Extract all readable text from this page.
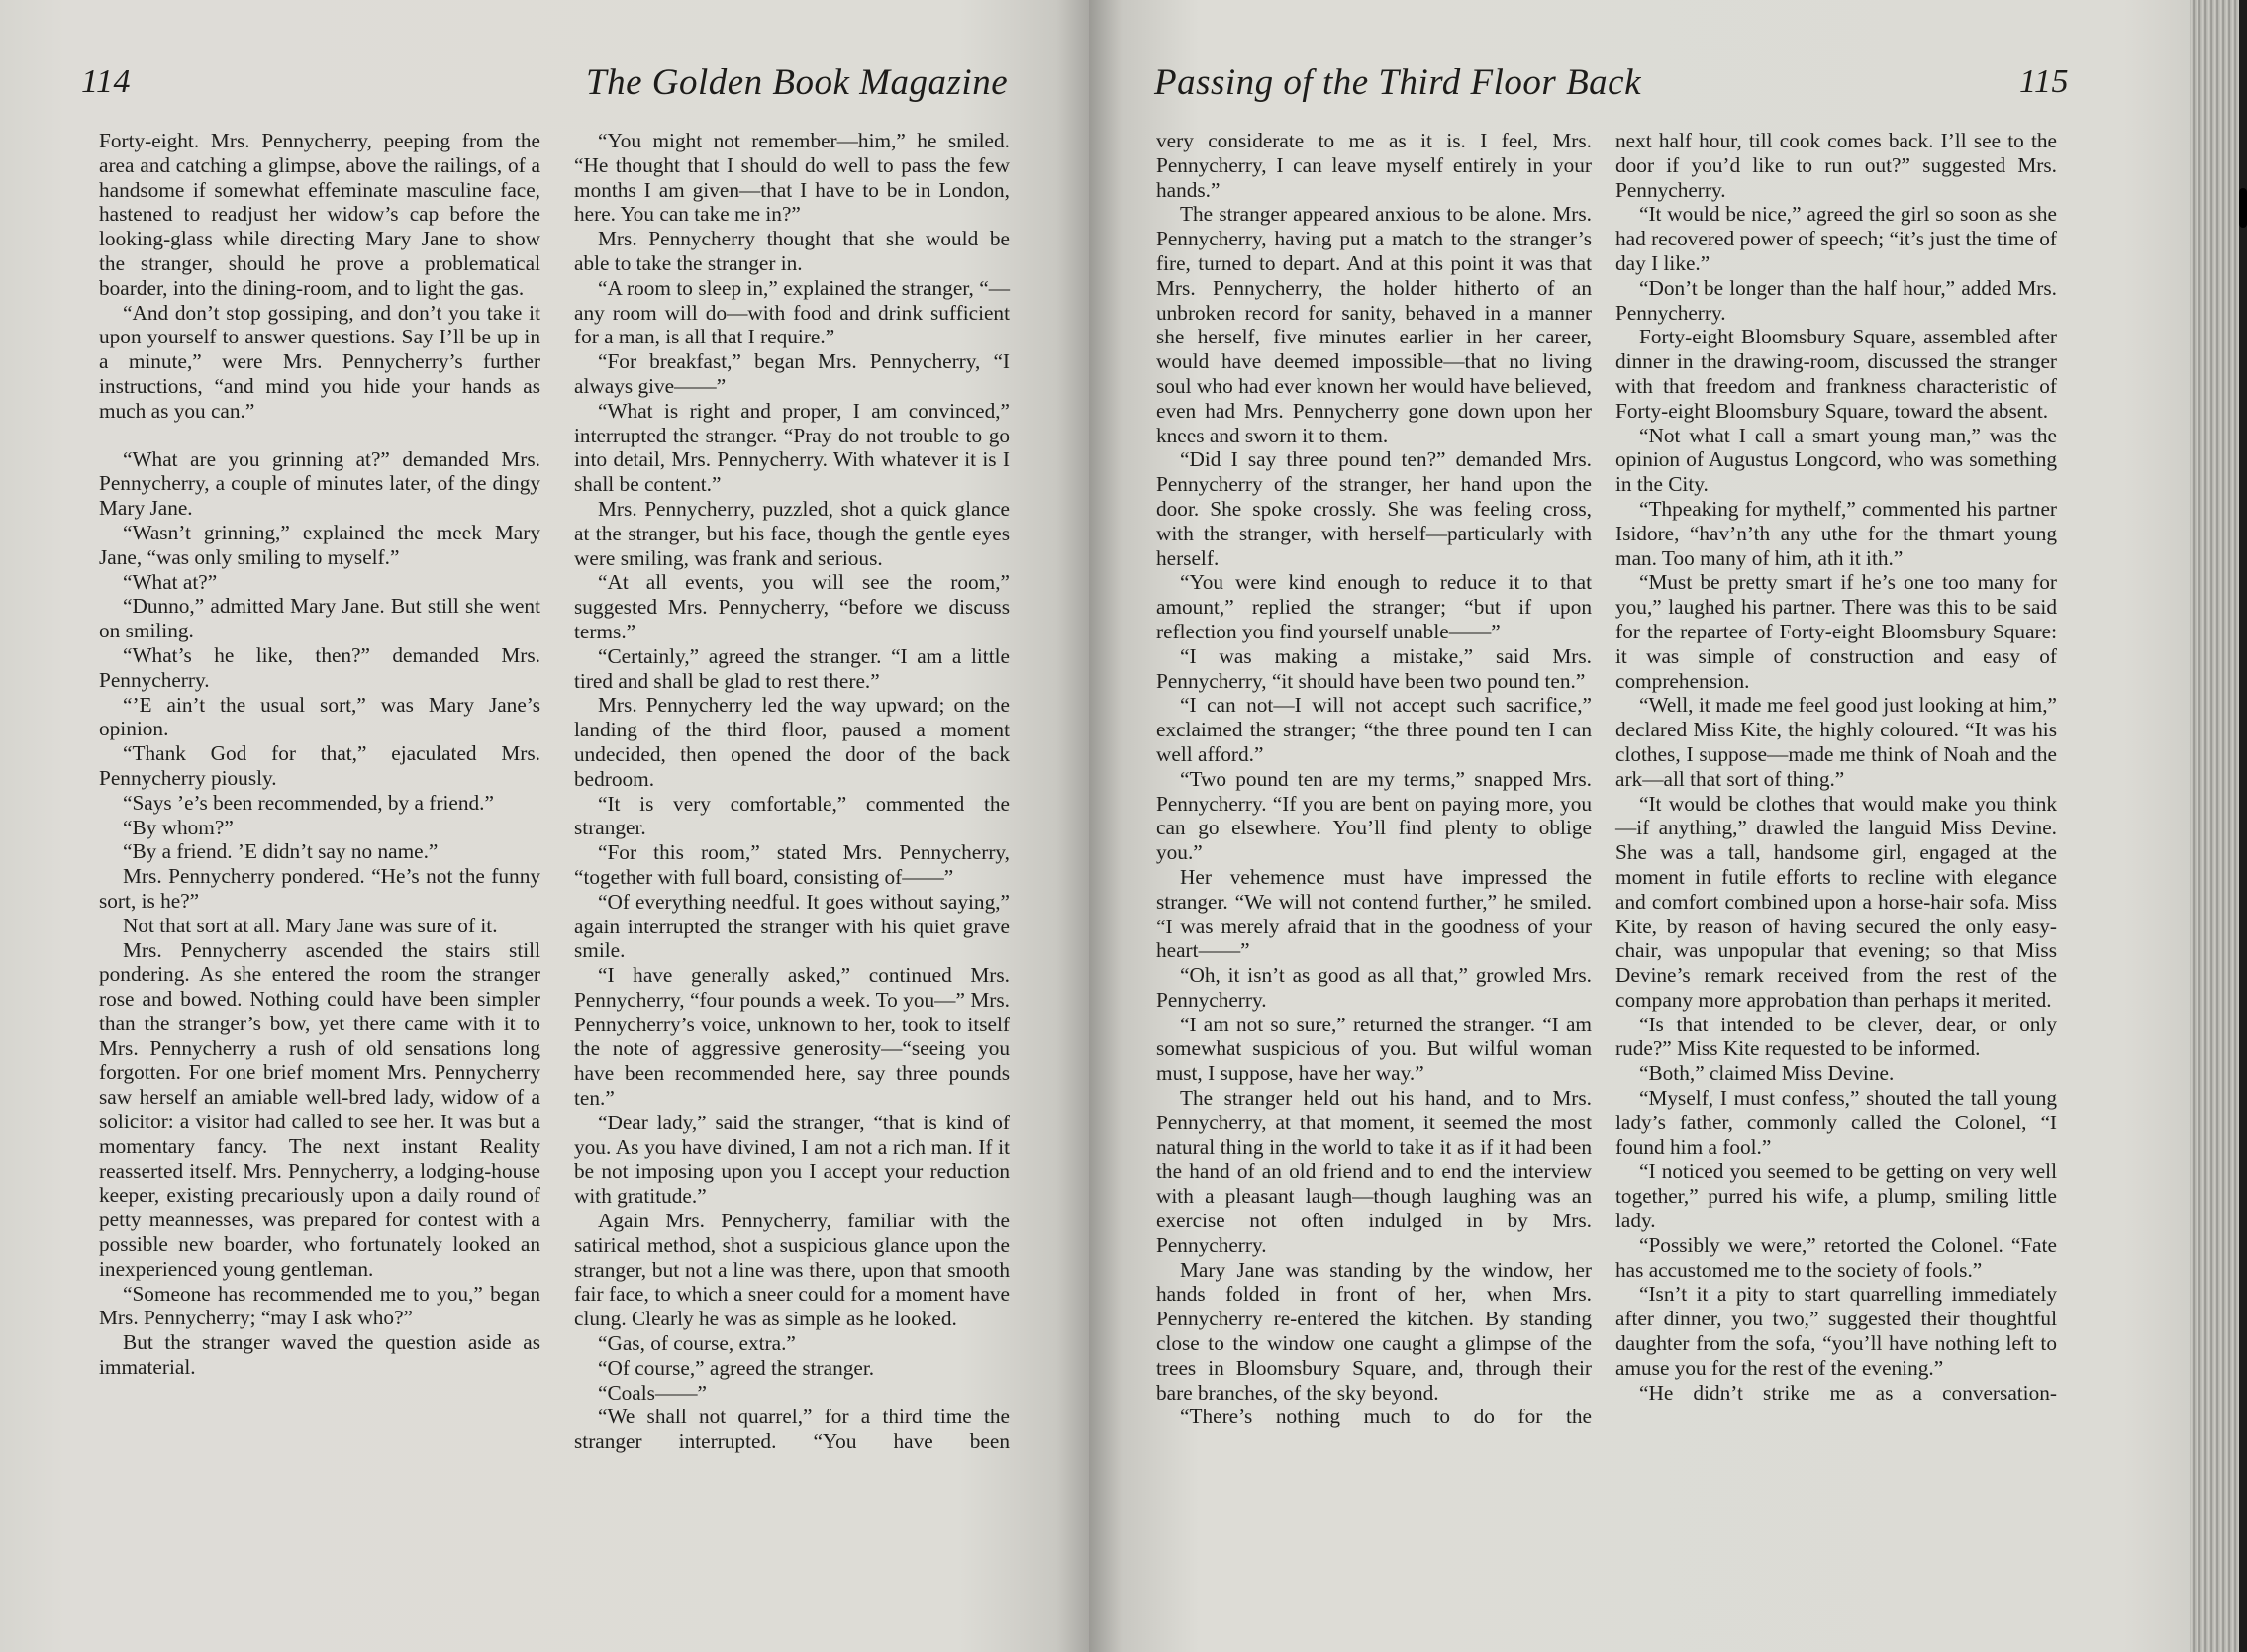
114	The Golden Book Magazine

Forty-eight. Mrs. Pennycherry, peeping from the area and catching a glimpse, above the railings, of a handsome if somewhat effeminate masculine face, hastened to readjust her widow’s cap before the looking-glass while directing Mary Jane to show the stranger, should he prove a problematical boarder, into the dining-room, and to light the gas.

“And don’t stop gossiping, and don’t you take it upon yourself to answer questions. Say I’ll be up in a minute,” were Mrs. Pennycherry’s further instructions, “and mind you hide your hands as much as you can.”

“What are you grinning at?” demanded Mrs. Pennycherry, a couple of minutes later, of the dingy Mary Jane.

“Wasn’t grinning,” explained the meek Mary Jane, “was only smiling to myself.”

“What at?”

“Dunno,” admitted Mary Jane. But still she went on smiling.

“What’s he like, then?” demanded Mrs. Pennycherry.

“’E ain’t the usual sort,” was Mary Jane’s opinion.

“Thank God for that,” ejaculated Mrs. Pennycherry piously.

“Says ’e’s been recommended, by a friend.”

“By whom?”

“By a friend. ’E didn’t say no name.”

Mrs. Pennycherry pondered. “He’s not the funny sort, is he?”

Not that sort at all. Mary Jane was sure of it.

Mrs. Pennycherry ascended the stairs still pondering. As she entered the room the stranger rose and bowed. Nothing could have been simpler than the stranger’s bow, yet there came with it to Mrs. Pennycherry a rush of old sensations long forgotten. For one brief moment Mrs. Pennycherry saw herself an amiable well-bred lady, widow of a solicitor: a visitor had called to see her. It was but a momentary fancy. The next instant Reality reasserted itself. Mrs. Pennycherry, a lodging-house keeper, existing precariously upon a daily round of petty meannesses, was prepared for contest with a possible new boarder, who fortunately looked an inexperienced young gentleman.

“Someone has recommended me to you,” began Mrs. Pennycherry; “may I ask who?”

But the stranger waved the question aside as immaterial.

“You might not remember—him,” he smiled. “He thought that I should do well to pass the few months I am given—that I have to be in London, here. You can take me in?”

Mrs. Pennycherry thought that she would be able to take the stranger in.

“A room to sleep in,” explained the stranger, “—any room will do—with food and drink sufficient for a man, is all that I require.”

“For breakfast,” began Mrs. Pennycherry, “I always give——”

“What is right and proper, I am convinced,” interrupted the stranger. “Pray do not trouble to go into detail, Mrs. Pennycherry. With whatever it is I shall be content.”

Mrs. Pennycherry, puzzled, shot a quick glance at the stranger, but his face, though the gentle eyes were smiling, was frank and serious.

“At all events, you will see the room,” suggested Mrs. Pennycherry, “before we discuss terms.”

“Certainly,” agreed the stranger. “I am a little tired and shall be glad to rest there.”

Mrs. Pennycherry led the way upward; on the landing of the third floor, paused a moment undecided, then opened the door of the back bedroom.

“It is very comfortable,” commented the stranger.

“For this room,” stated Mrs. Pennycherry, “together with full board, consisting of——”

“Of everything needful. It goes without saying,” again interrupted the stranger with his quiet grave smile.

“I have generally asked,” continued Mrs. Pennycherry, “four pounds a week. To you—” Mrs. Pennycherry’s voice, unknown to her, took to itself the note of aggressive generosity—“seeing you have been recommended here, say three pounds ten.”

“Dear lady,” said the stranger, “that is kind of you. As you have divined, I am not a rich man. If it be not imposing upon you I accept your reduction with gratitude.”

Again Mrs. Pennycherry, familiar with the satirical method, shot a suspicious glance upon the stranger, but not a line was there, upon that smooth fair face, to which a sneer could for a moment have clung. Clearly he was as simple as he looked.

“Gas, of course, extra.”

“Of course,” agreed the stranger.

“Coals——”

“We shall not quarrel,” for a third time the stranger interrupted. “You have been

Passing of the Third Floor Back	115

very considerate to me as it is. I feel, Mrs. Pennycherry, I can leave myself entirely in your hands.”

The stranger appeared anxious to be alone. Mrs. Pennycherry, having put a match to the stranger’s fire, turned to depart. And at this point it was that Mrs. Pennycherry, the holder hitherto of an unbroken record for sanity, behaved in a manner she herself, five minutes earlier in her career, would have deemed impossible—that no living soul who had ever known her would have believed, even had Mrs. Pennycherry gone down upon her knees and sworn it to them.

“Did I say three pound ten?” demanded Mrs. Pennycherry of the stranger, her hand upon the door. She spoke crossly. She was feeling cross, with the stranger, with herself—particularly with herself.

“You were kind enough to reduce it to that amount,” replied the stranger; “but if upon reflection you find yourself unable——”

“I was making a mistake,” said Mrs. Pennycherry, “it should have been two pound ten.”

“I can not—I will not accept such sacrifice,” exclaimed the stranger; “the three pound ten I can well afford.”

“Two pound ten are my terms,” snapped Mrs. Pennycherry. “If you are bent on paying more, you can go elsewhere. You’ll find plenty to oblige you.”

Her vehemence must have impressed the stranger. “We will not contend further,” he smiled. “I was merely afraid that in the goodness of your heart——”

“Oh, it isn’t as good as all that,” growled Mrs. Pennycherry.

“I am not so sure,” returned the stranger. “I am somewhat suspicious of you. But wilful woman must, I suppose, have her way.”

The stranger held out his hand, and to Mrs. Pennycherry, at that moment, it seemed the most natural thing in the world to take it as if it had been the hand of an old friend and to end the interview with a pleasant laugh—though laughing was an exercise not often indulged in by Mrs. Pennycherry.

Mary Jane was standing by the window, her hands folded in front of her, when Mrs. Pennycherry re-entered the kitchen. By standing close to the window one caught a glimpse of the trees in Bloomsbury Square, and, through their bare branches, of the sky beyond.

“There’s nothing much to do for the

next half hour, till cook comes back. I’ll see to the door if you’d like to run out?” suggested Mrs. Pennycherry.

“It would be nice,” agreed the girl so soon as she had recovered power of speech; “it’s just the time of day I like.”

“Don’t be longer than the half hour,” added Mrs. Pennycherry.

Forty-eight Bloomsbury Square, assembled after dinner in the drawing-room, discussed the stranger with that freedom and frankness characteristic of Forty-eight Bloomsbury Square, toward the absent.

“Not what I call a smart young man,” was the opinion of Augustus Longcord, who was something in the City.

“Thpeaking for mythelf,” commented his partner Isidore, “hav’n’th any uthe for the thmart young man. Too many of him, ath it ith.”

“Must be pretty smart if he’s one too many for you,” laughed his partner. There was this to be said for the repartee of Forty-eight Bloomsbury Square: it was simple of construction and easy of comprehension.

“Well, it made me feel good just looking at him,” declared Miss Kite, the highly coloured. “It was his clothes, I suppose—made me think of Noah and the ark—all that sort of thing.”

“It would be clothes that would make you think—if anything,” drawled the languid Miss Devine. She was a tall, handsome girl, engaged at the moment in futile efforts to recline with elegance and comfort combined upon a horse-hair sofa. Miss Kite, by reason of having secured the only easy-chair, was unpopular that evening; so that Miss Devine’s remark received from the rest of the company more approbation than perhaps it merited.

“Is that intended to be clever, dear, or only rude?” Miss Kite requested to be informed.

“Both,” claimed Miss Devine.

“Myself, I must confess,” shouted the tall young lady’s father, commonly called the Colonel, “I found him a fool.”

“I noticed you seemed to be getting on very well together,” purred his wife, a plump, smiling little lady.

“Possibly we were,” retorted the Colonel. “Fate has accustomed me to the society of fools.”

“Isn’t it a pity to start quarrelling immediately after dinner, you two,” suggested their thoughtful daughter from the sofa, “you’ll have nothing left to amuse you for the rest of the evening.”

“He didn’t strike me as a conversation-
